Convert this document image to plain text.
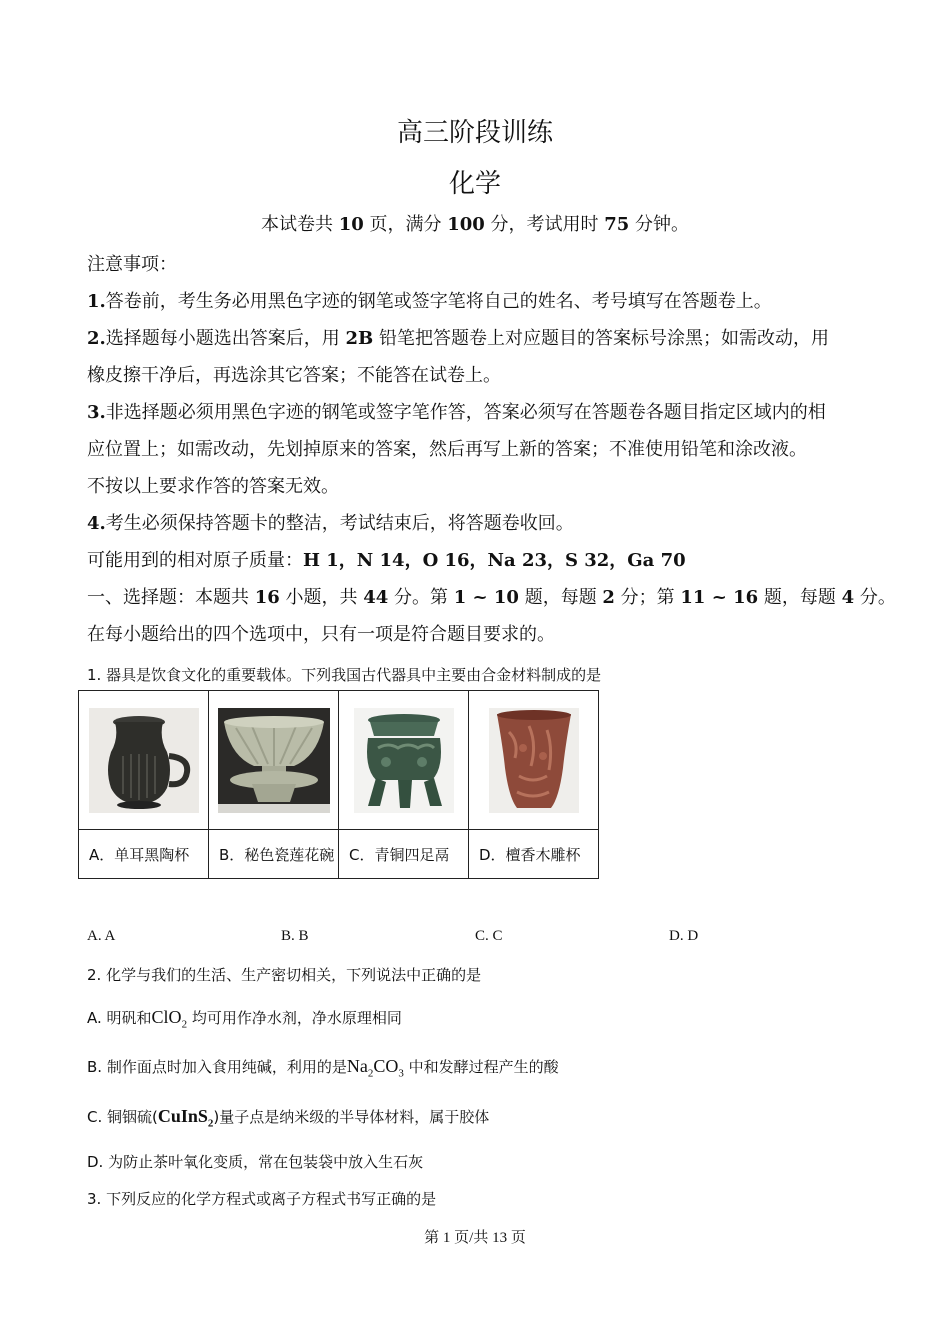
高三阶段训练
化学
本试卷共 10 页，满分 100 分，考试用时 75 分钟。
注意事项：
1.答卷前，考生务必用黑色字迹的钢笔或签字笔将自己的姓名、考号填写在答题卷上。
2.选择题每小题选出答案后，用 2B 铅笔把答题卷上对应题目的答案标号涂黑；如需改动，用
橡皮擦干净后，再选涂其它答案；不能答在试卷上。
3.非选择题必须用黑色字迹的钢笔或签字笔作答，答案必须写在答题卷各题目指定区域内的相
应位置上；如需改动，先划掉原来的答案，然后再写上新的答案；不准使用铅笔和涂改液。
不按以上要求作答的答案无效。
4.考生必须保持答题卡的整洁，考试结束后，将答题卷收回。
可能用到的相对原子质量：H 1，N 14，O 16，Na 23，S 32，Ga 70
一、选择题：本题共 16 小题，共 44 分。第 1 ~ 10 题，每题 2 分；第 11 ~ 16 题，每题 4 分。
在每小题给出的四个选项中，只有一项是符合题目要求的。
1. 器具是饮食文化的重要载体。下列我国古代器具中主要由合金材料制成的是

A．单耳黑陶杯	B．秘色瓷莲花碗	C．青铜四足鬲	D．檀香木雕杯
A. A	B. B	C. C	D. D
2. 化学与我们的生活、生产密切相关，下列说法中正确的是
A. 明矾和ClO$_2$ 均可用作净水剂，净水原理相同
B. 制作面点时加入食用纯碱，利用的是$Na_2CO_3$ 中和发酵过程产生的酸
C. 铜铟硫(CuInS$_2$)量子点是纳米级的半导体材料，属于胶体
D. 为防止茶叶氧化变质，常在包装袋中放入生石灰
3. 下列反应的化学方程式或离子方程式书写正确的是
第 1 页/共 13 页
